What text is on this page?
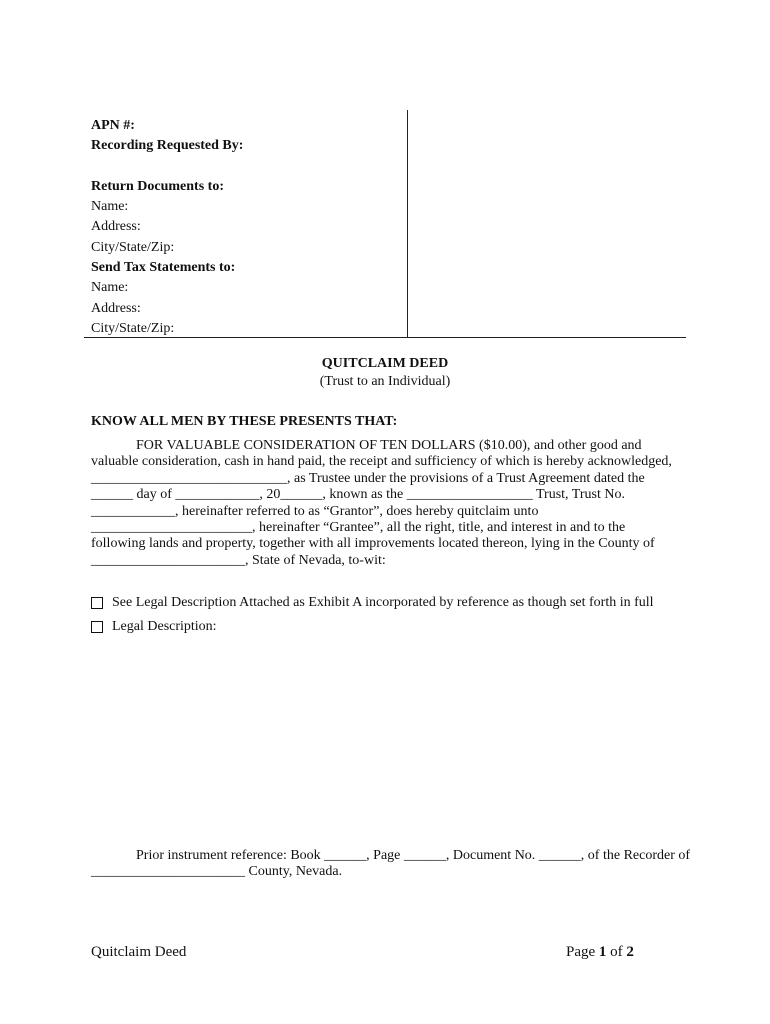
APN #:
Recording Requested By:
Return Documents to:
Name:
Address:
City/State/Zip:
Send Tax Statements to:
Name:
Address:
City/State/Zip:
QUITCLAIM DEED
(Trust to an Individual)
KNOW ALL MEN BY THESE PRESENTS THAT:
FOR VALUABLE CONSIDERATION OF TEN DOLLARS ($10.00), and other good and
valuable consideration, cash in hand paid, the receipt and sufficiency of which is hereby acknowledged,
____________________________, as Trustee under the provisions of a Trust Agreement dated the
______ day of ____________, 20______, known as the __________________ Trust, Trust No.
____________, hereinafter referred to as “Grantor”, does hereby quitclaim unto
_______________________, hereinafter “Grantee”, all the right, title, and interest in and to the
following lands and property, together with all improvements located thereon, lying in the County of
______________________, State of Nevada, to-wit:
See Legal Description Attached as Exhibit A incorporated by reference as though set forth in full
Legal Description:
Prior instrument reference: Book ______, Page ______, Document No. ______, of the Recorder of
______________________ County, Nevada.
Quitclaim Deed	Page 1 of 2
